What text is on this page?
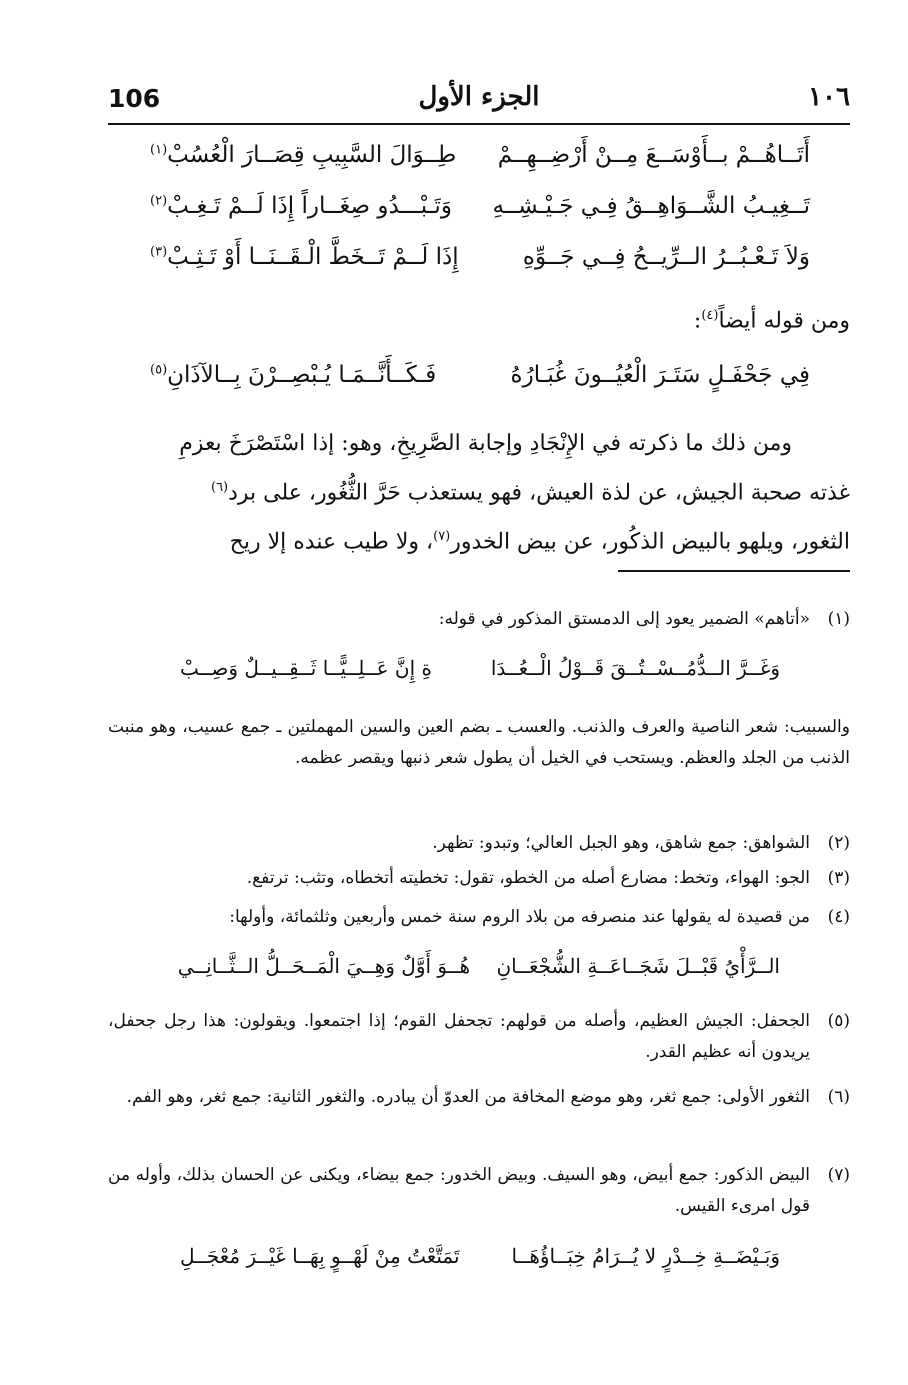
106	الجزء الأول	١٠٦
أَتَــاهُــمْ بــأَوْسَــعَ مِــنْ أَرْضِــهِــمْ
طِــوَالَ السَّبِيبِ قِصَــارَ الْعُسُبْ$^{(١)}$
تَــغِيـبُ الشَّــوَاهِــقُ فِـي جَـيْـشِــهِ
وَتَـبْـــدُو صِغَــاراً إِذَا لَــمْ تَـغِـبْ$^{(٢)}$
وَلاَ تَـعْـبُــرُ الــرِّيــحُ فِــي جَــوِّهِ
إِذَا لَــمْ تَــخَطَّ الْـقَــنَــا أَوْ تَـثِـبْ$^{(٣)}$
ومن قوله أيضاً$^{(٤)}$:
فِي جَحْفَـلٍ سَتَـرَ الْعُيُــونَ غُبَـارُهُ
فَـكَــأَنَّــمَـا يُـبْصِــرْنَ بِــالآذَانِ$^{(٥)}$
ومن ذلك ما ذكرته في الإِنْجَادِ وإجابة الصَّرِيخِ، وهو: إذا اسْتَصْرَخَ بعزمِ
غذته صحبة الجيش، عن لذة العيش، فهو يستعذب حَرَّ الثُّغُور، على برد$^{(٦)}$
الثغور، ويلهو بالبيض الذكُور، عن بيض الخدور$^{(٧)}$، ولا طيب عنده إلا ريح
(١)
«أتاهم» الضمير يعود إلى الدمستق المذكور في قوله:
وَغَــرَّ الــدُّمُــسْــتُــقَ قَــوْلُ الْــعُــدَا
ةِ إِنَّ عَــلِــيًّــا ثَــقِــيــلٌ وَصِــبْ
والسبيب: شعر الناصية والعرف والذنب. والعسب ـ بضم العين والسين المهملتين ـ جمع عسيب، وهو منبت الذنب من الجلد والعظم. ويستحب في الخيل أن يطول شعر ذنبها ويقصر عظمه.
(٢)
الشواهق: جمع شاهق، وهو الجبل العالي؛ وتبدو: تظهر.
(٣)
الجو: الهواء، وتخط: مضارع أصله من الخطو، تقول: تخطيته أتخطاه، وتثب: ترتفع.
(٤)
من قصيدة له يقولها عند منصرفه من بلاد الروم سنة خمس وأربعين وثلثمائة، وأولها:
الــرَّأْيُ قَبْــلَ شَجَــاعَــةِ الشُّجْعَــانِ
هُــوَ أَوَّلٌ وَهِــيَ الْمَــحَــلُّ الــثَّــانِــي
(٥)
الجحفل: الجيش العظيم، وأصله من قولهم: تجحفل القوم؛ إذا اجتمعوا. ويقولون: هذا رجل جحفل، يريدون أنه عظيم القدر.
(٦)
الثغور الأولى: جمع ثغر، وهو موضع المخافة من العدوّ أن يبادره. والثغور الثانية: جمع ثغر، وهو الفم.
(٧)
البيض الذكور: جمع أبيض، وهو السيف. وبيض الخدور: جمع بيضاء، ويكنى عن الحسان بذلك، وأوله من قول امرىء القيس.
وَبَـيْضَــةِ خِــدْرٍ لا يُــرَامُ خِبَــاؤُهَــا
تَمَتَّعْتُ مِنْ لَهْــوٍ بِهَــا غَيْــرَ مُعْجَــلِ
